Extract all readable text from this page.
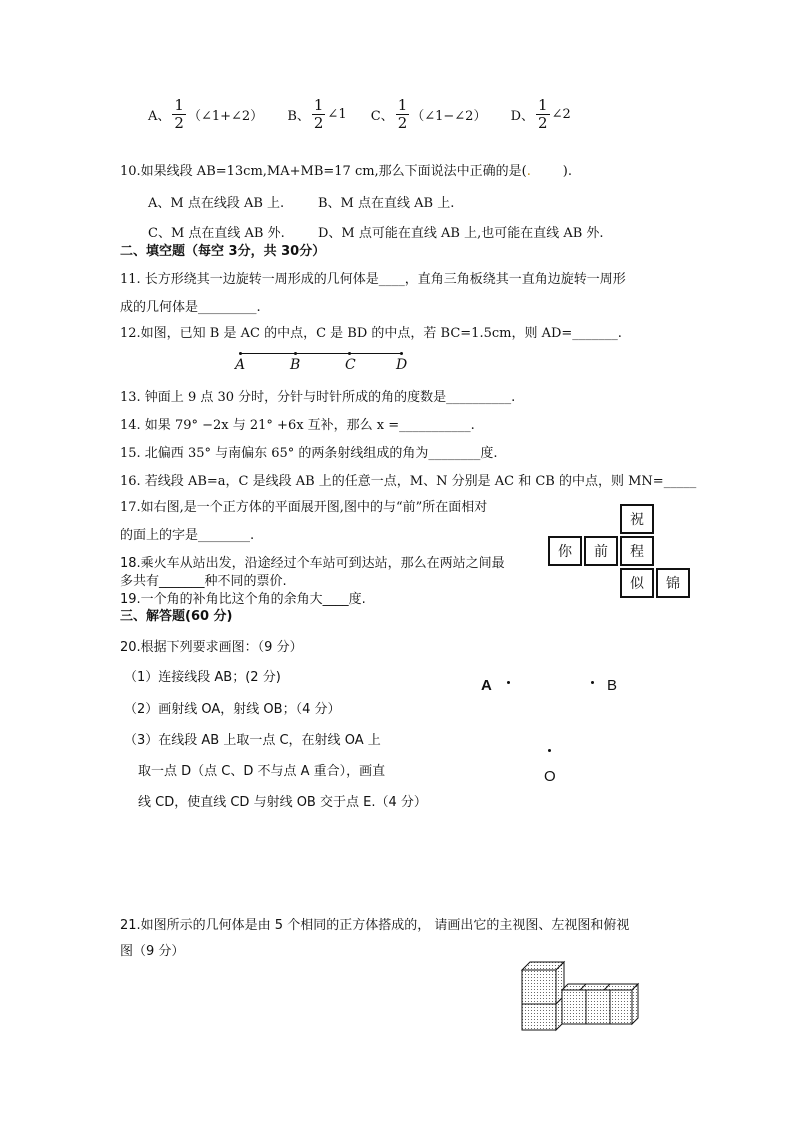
A、 $\frac{1}{2}$ （∠1+∠2）
B、 $\frac{1}{2}$ ∠1
C、 $\frac{1}{2}$ （∠1−∠2）
D、 $\frac{1}{2}$ ∠2
10.如果线段 AB=13cm,MA+MB=17 cm,那么下面说法中正确的是(. ).
A、M 点在线段 AB 上.	B、M 点在直线 AB 上.
C、M 点在直线 AB 外.	D、M 点可能在直线 AB 上,也可能在直线 AB 外.
二、填空题（每空 3分，共 30分）
11. 长方形绕其一边旋转一周形成的几何体是____，直角三角板绕其一直角边旋转一周形
成的几何体是_________.
12.如图，已知 B 是 AC 的中点，C 是 BD 的中点，若 BC=1.5cm，则 AD=_______.
A	B	C	D
13. 钟面上 9 点 30 分时，分针与时针所成的角的度数是__________.
14. 如果 79° −2x 与 21° +6x 互补，那么 x =___________.
15. 北偏西 35° 与南偏东 65° 的两条射线组成的角为________度.
16. 若线段 AB=a，C 是线段 AB 上的任意一点，M、N 分别是 AC 和 CB 的中点，则 MN=_____
17.如右图,是一个正方体的平面展开图,图中的与“前”所在面相对
的面上的字是________.
祝
你	前	程
似	锦
18.乘火车从站出发，沿途经过个车站可到达站，那么在两站之间最
多共有_______种不同的票价.
19.一个角的补角比这个角的余角大____度.
三、解答题(60 分)
20.根据下列要求画图：（9 分）
（1）连接线段 AB；(2 分)
（2）画射线 OA，射线 OB；（4 分）
（3）在线段 AB 上取一点 C，在射线 OA 上
取一点 D（点 C、D 不与点 A 重合），画直
线 CD，使直线 CD 与射线 OB 交于点 E.（4 分）
A	B
O
21.如图所示的几何体是由 5 个相同的正方体搭成的， 请画出它的主视图、左视图和俯视
图（9 分）
